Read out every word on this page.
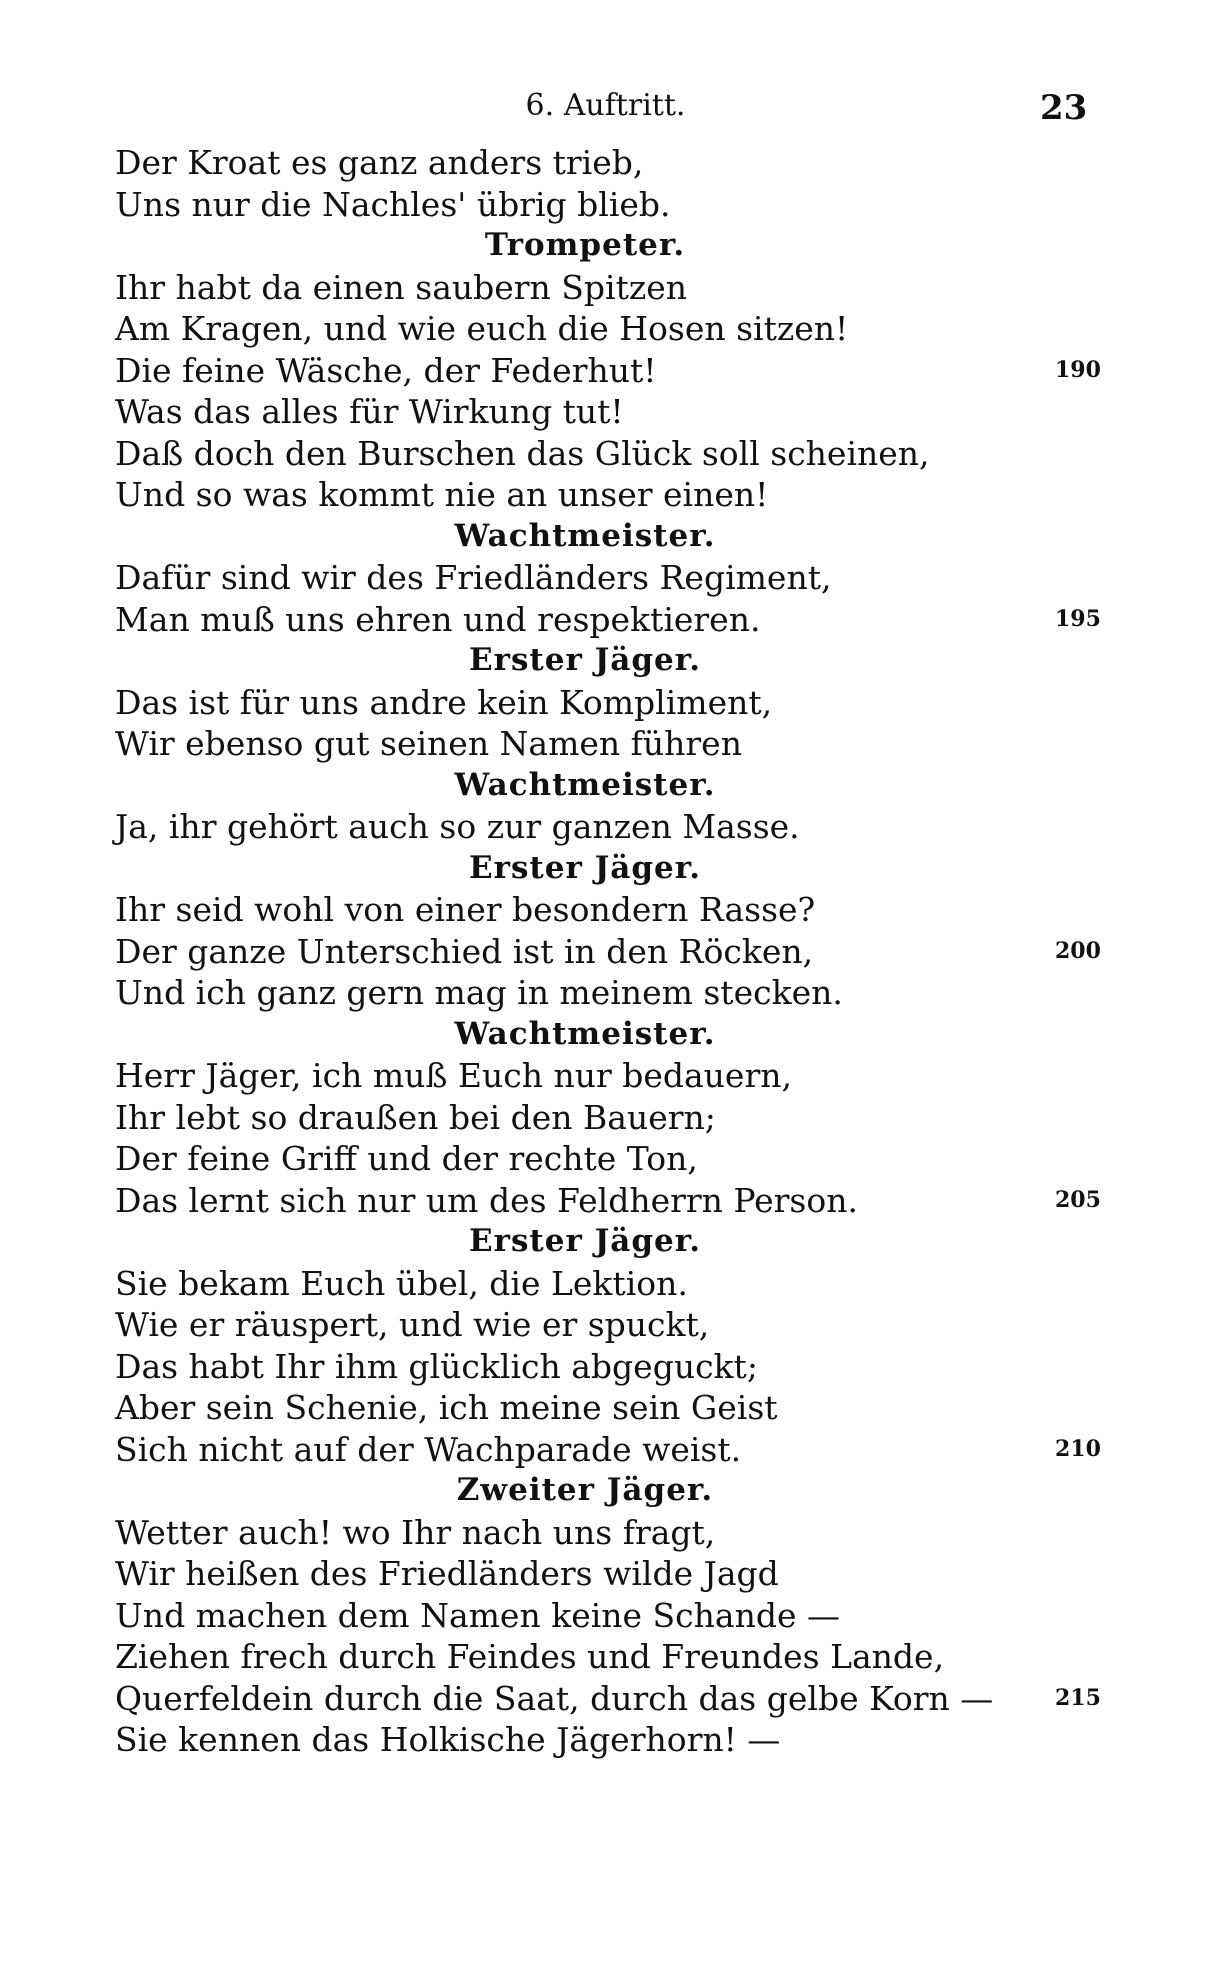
6. Auftritt.	23
Der Kroat es ganz anders trieb,
Uns nur die Nachles' übrig blieb.
Trompeter.
Ihr habt da einen saubern Spitzen
Am Kragen, und wie euch die Hosen sitzen!
Die feine Wäsche, der Federhut!
Was das alles für Wirkung tut!
Daß doch den Burschen das Glück soll scheinen,
Und so was kommt nie an unser einen!
Wachtmeister.
Dafür sind wir des Friedländers Regiment,
Man muß uns ehren und respektieren.
Erster Jäger.
Das ist für uns andre kein Kompliment,
Wir ebenso gut seinen Namen führen
Wachtmeister.
Ja, ihr gehört auch so zur ganzen Masse.
Erster Jäger.
Ihr seid wohl von einer besondern Rasse?
Der ganze Unterschied ist in den Röcken,
Und ich ganz gern mag in meinem stecken.
Wachtmeister.
Herr Jäger, ich muß Euch nur bedauern,
Ihr lebt so draußen bei den Bauern;
Der feine Griff und der rechte Ton,
Das lernt sich nur um des Feldherrn Person.
Erster Jäger.
Sie bekam Euch übel, die Lektion.
Wie er räuspert, und wie er spuckt,
Das habt Ihr ihm glücklich abgeguckt;
Aber sein Schenie, ich meine sein Geist
Sich nicht auf der Wachparade weist.
Zweiter Jäger.
Wetter auch! wo Ihr nach uns fragt,
Wir heißen des Friedländers wilde Jagd
Und machen dem Namen keine Schande —
Ziehen frech durch Feindes und Freundes Lande,
Querfeldein durch die Saat, durch das gelbe Korn —
Sie kennen das Holkische Jägerhorn! —
190
195
200
205
210
215
